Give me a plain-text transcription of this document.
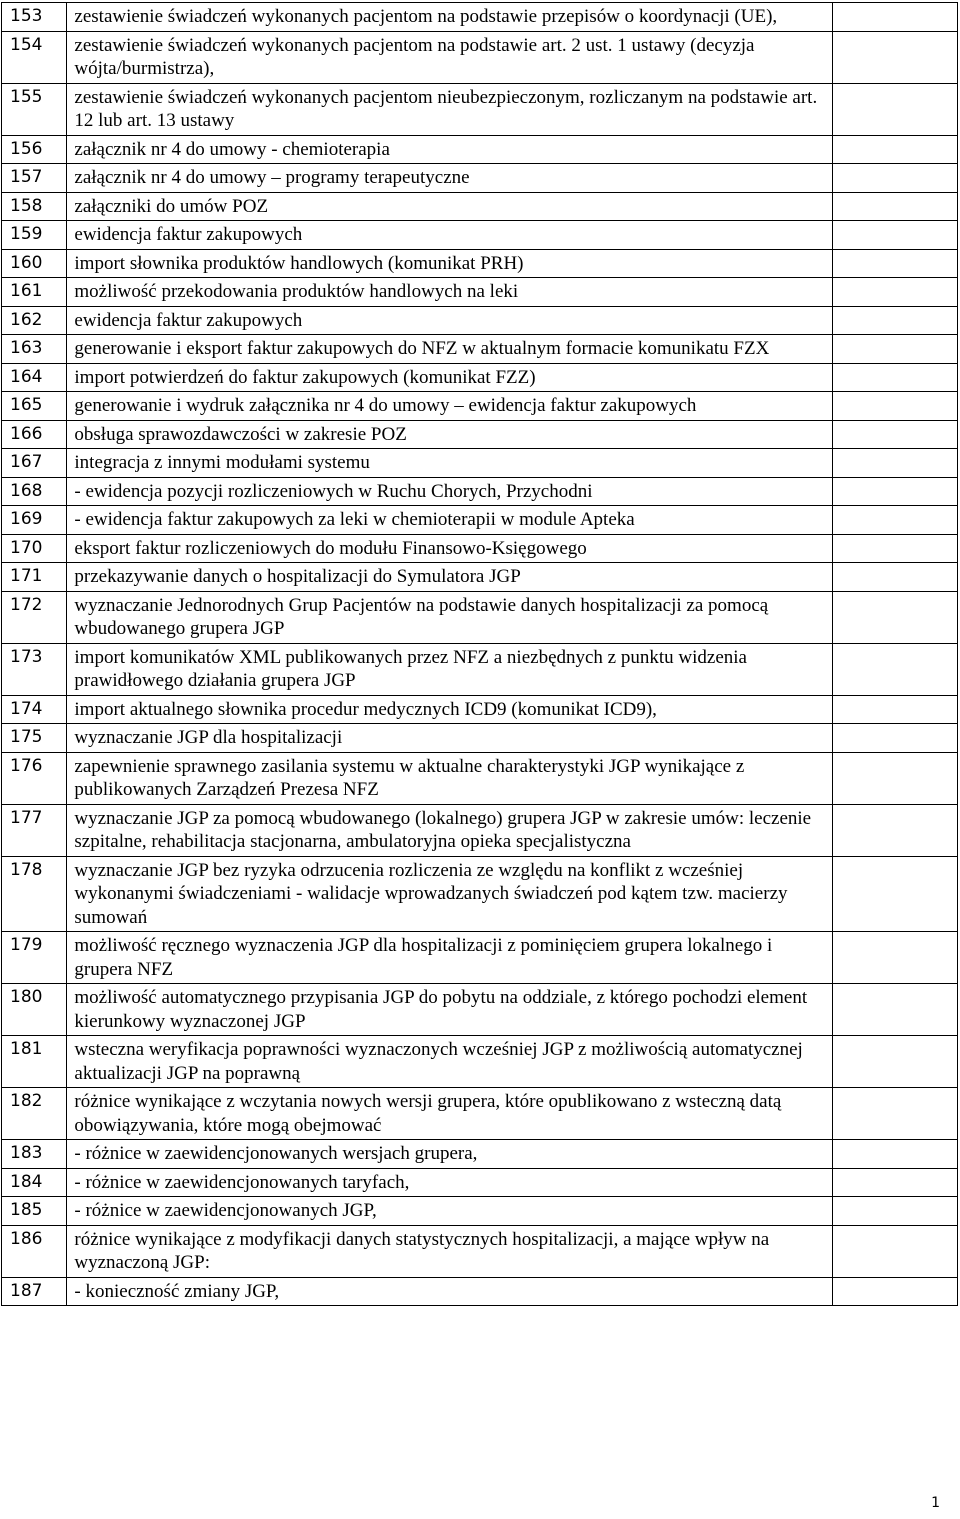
153	zestawienie świadczeń wykonanych pacjentom na podstawie przepisów o koordynacji (UE),	
154	zestawienie świadczeń wykonanych pacjentom na podstawie art. 2 ust. 1 ustawy (decyzja wójta/burmistrza),	
155	zestawienie świadczeń wykonanych pacjentom nieubezpieczonym, rozliczanym na podstawie art. 12 lub art. 13 ustawy	
156	załącznik nr 4 do umowy - chemioterapia	
157	załącznik nr 4 do umowy – programy terapeutyczne	
158	załączniki do umów POZ	
159	ewidencja faktur zakupowych	
160	import słownika produktów handlowych (komunikat PRH)	
161	możliwość przekodowania produktów handlowych na leki	
162	ewidencja faktur zakupowych	
163	generowanie i eksport faktur zakupowych do NFZ w aktualnym formacie komunikatu FZX	
164	import potwierdzeń do faktur zakupowych (komunikat FZZ)	
165	generowanie i wydruk załącznika nr 4 do umowy – ewidencja faktur zakupowych	
166	obsługa sprawozdawczości w zakresie POZ	
167	integracja z innymi modułami systemu	
168	- ewidencja pozycji rozliczeniowych w Ruchu Chorych, Przychodni	
169	- ewidencja faktur zakupowych za leki w chemioterapii w module Apteka	
170	eksport faktur rozliczeniowych do modułu Finansowo-Księgowego	
171	przekazywanie danych o hospitalizacji do Symulatora JGP	
172	wyznaczanie Jednorodnych Grup Pacjentów na podstawie danych hospitalizacji za pomocą wbudowanego grupera JGP	
173	import komunikatów XML publikowanych przez NFZ a niezbędnych z punktu widzenia prawidłowego działania grupera JGP	
174	import aktualnego słownika procedur medycznych ICD9 (komunikat ICD9),	
175	wyznaczanie JGP dla hospitalizacji	
176	zapewnienie sprawnego zasilania systemu w aktualne charakterystyki JGP wynikające z publikowanych Zarządzeń Prezesa NFZ	
177	wyznaczanie JGP za pomocą wbudowanego (lokalnego) grupera JGP w zakresie umów: leczenie szpitalne, rehabilitacja stacjonarna, ambulatoryjna opieka specjalistyczna	
178	wyznaczanie JGP bez ryzyka odrzucenia rozliczenia ze względu na konflikt z wcześniej wykonanymi świadczeniami - walidacje wprowadzanych świadczeń pod kątem tzw. macierzy sumowań	
179	możliwość ręcznego wyznaczenia JGP dla hospitalizacji z pominięciem grupera lokalnego i grupera NFZ	
180	możliwość automatycznego przypisania JGP do pobytu na oddziale, z którego pochodzi element kierunkowy wyznaczonej JGP	
181	wsteczna weryfikacja poprawności wyznaczonych wcześniej JGP z możliwością automatycznej aktualizacji JGP na poprawną	
182	różnice wynikające z wczytania nowych wersji grupera, które opublikowano z wsteczną datą obowiązywania, które mogą obejmować	
183	- różnice w zaewidencjonowanych wersjach grupera,	
184	- różnice w zaewidencjonowanych taryfach,	
185	- różnice w zaewidencjonowanych JGP,	
186	różnice wynikające z modyfikacji danych statystycznych hospitalizacji, a mające wpływ na wyznaczoną JGP:	
187	- konieczność zmiany JGP,	
1
